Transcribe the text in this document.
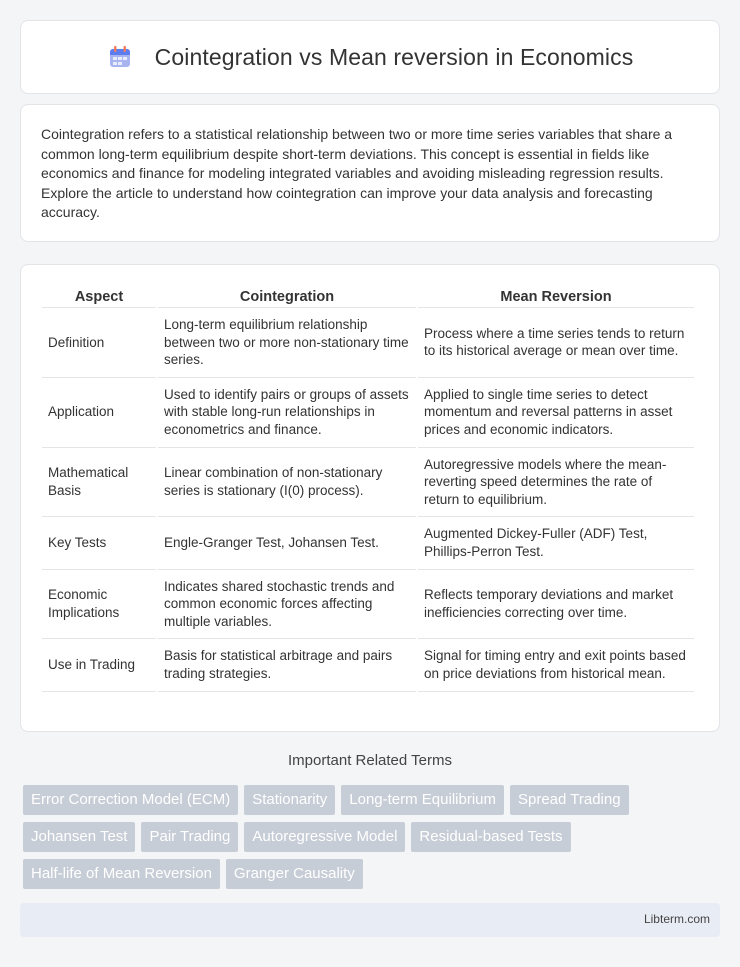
Cointegration vs Mean reversion in Economics

Cointegration refers to a statistical relationship between two or more time series variables that share a common long-term equilibrium despite short-term deviations. This concept is essential in fields like economics and finance for modeling integrated variables and avoiding misleading regression results. Explore the article to understand how cointegration can improve your data analysis and forecasting accuracy.

Aspect	Cointegration	Mean Reversion
Definition	Long-term equilibrium relationship between two or more non-stationary time series.	Process where a time series tends to return to its historical average or mean over time.
Application	Used to identify pairs or groups of assets with stable long-run relationships in econometrics and finance.	Applied to single time series to detect momentum and reversal patterns in asset prices and economic indicators.
Mathematical Basis	Linear combination of non-stationary series is stationary (I(0) process).	Autoregressive models where the mean-reverting speed determines the rate of return to equilibrium.
Key Tests	Engle-Granger Test, Johansen Test.	Augmented Dickey-Fuller (ADF) Test, Phillips-Perron Test.
Economic Implications	Indicates shared stochastic trends and common economic forces affecting multiple variables.	Reflects temporary deviations and market inefficiencies correcting over time.
Use in Trading	Basis for statistical arbitrage and pairs trading strategies.	Signal for timing entry and exit points based on price deviations from historical mean.
Important Related Terms
Error Correction Model (ECM)	Stationarity	Long-term Equilibrium	Spread Trading
Johansen Test	Pair Trading	Autoregressive Model	Residual-based Tests
Half-life of Mean Reversion	Granger Causality
Libterm.com
